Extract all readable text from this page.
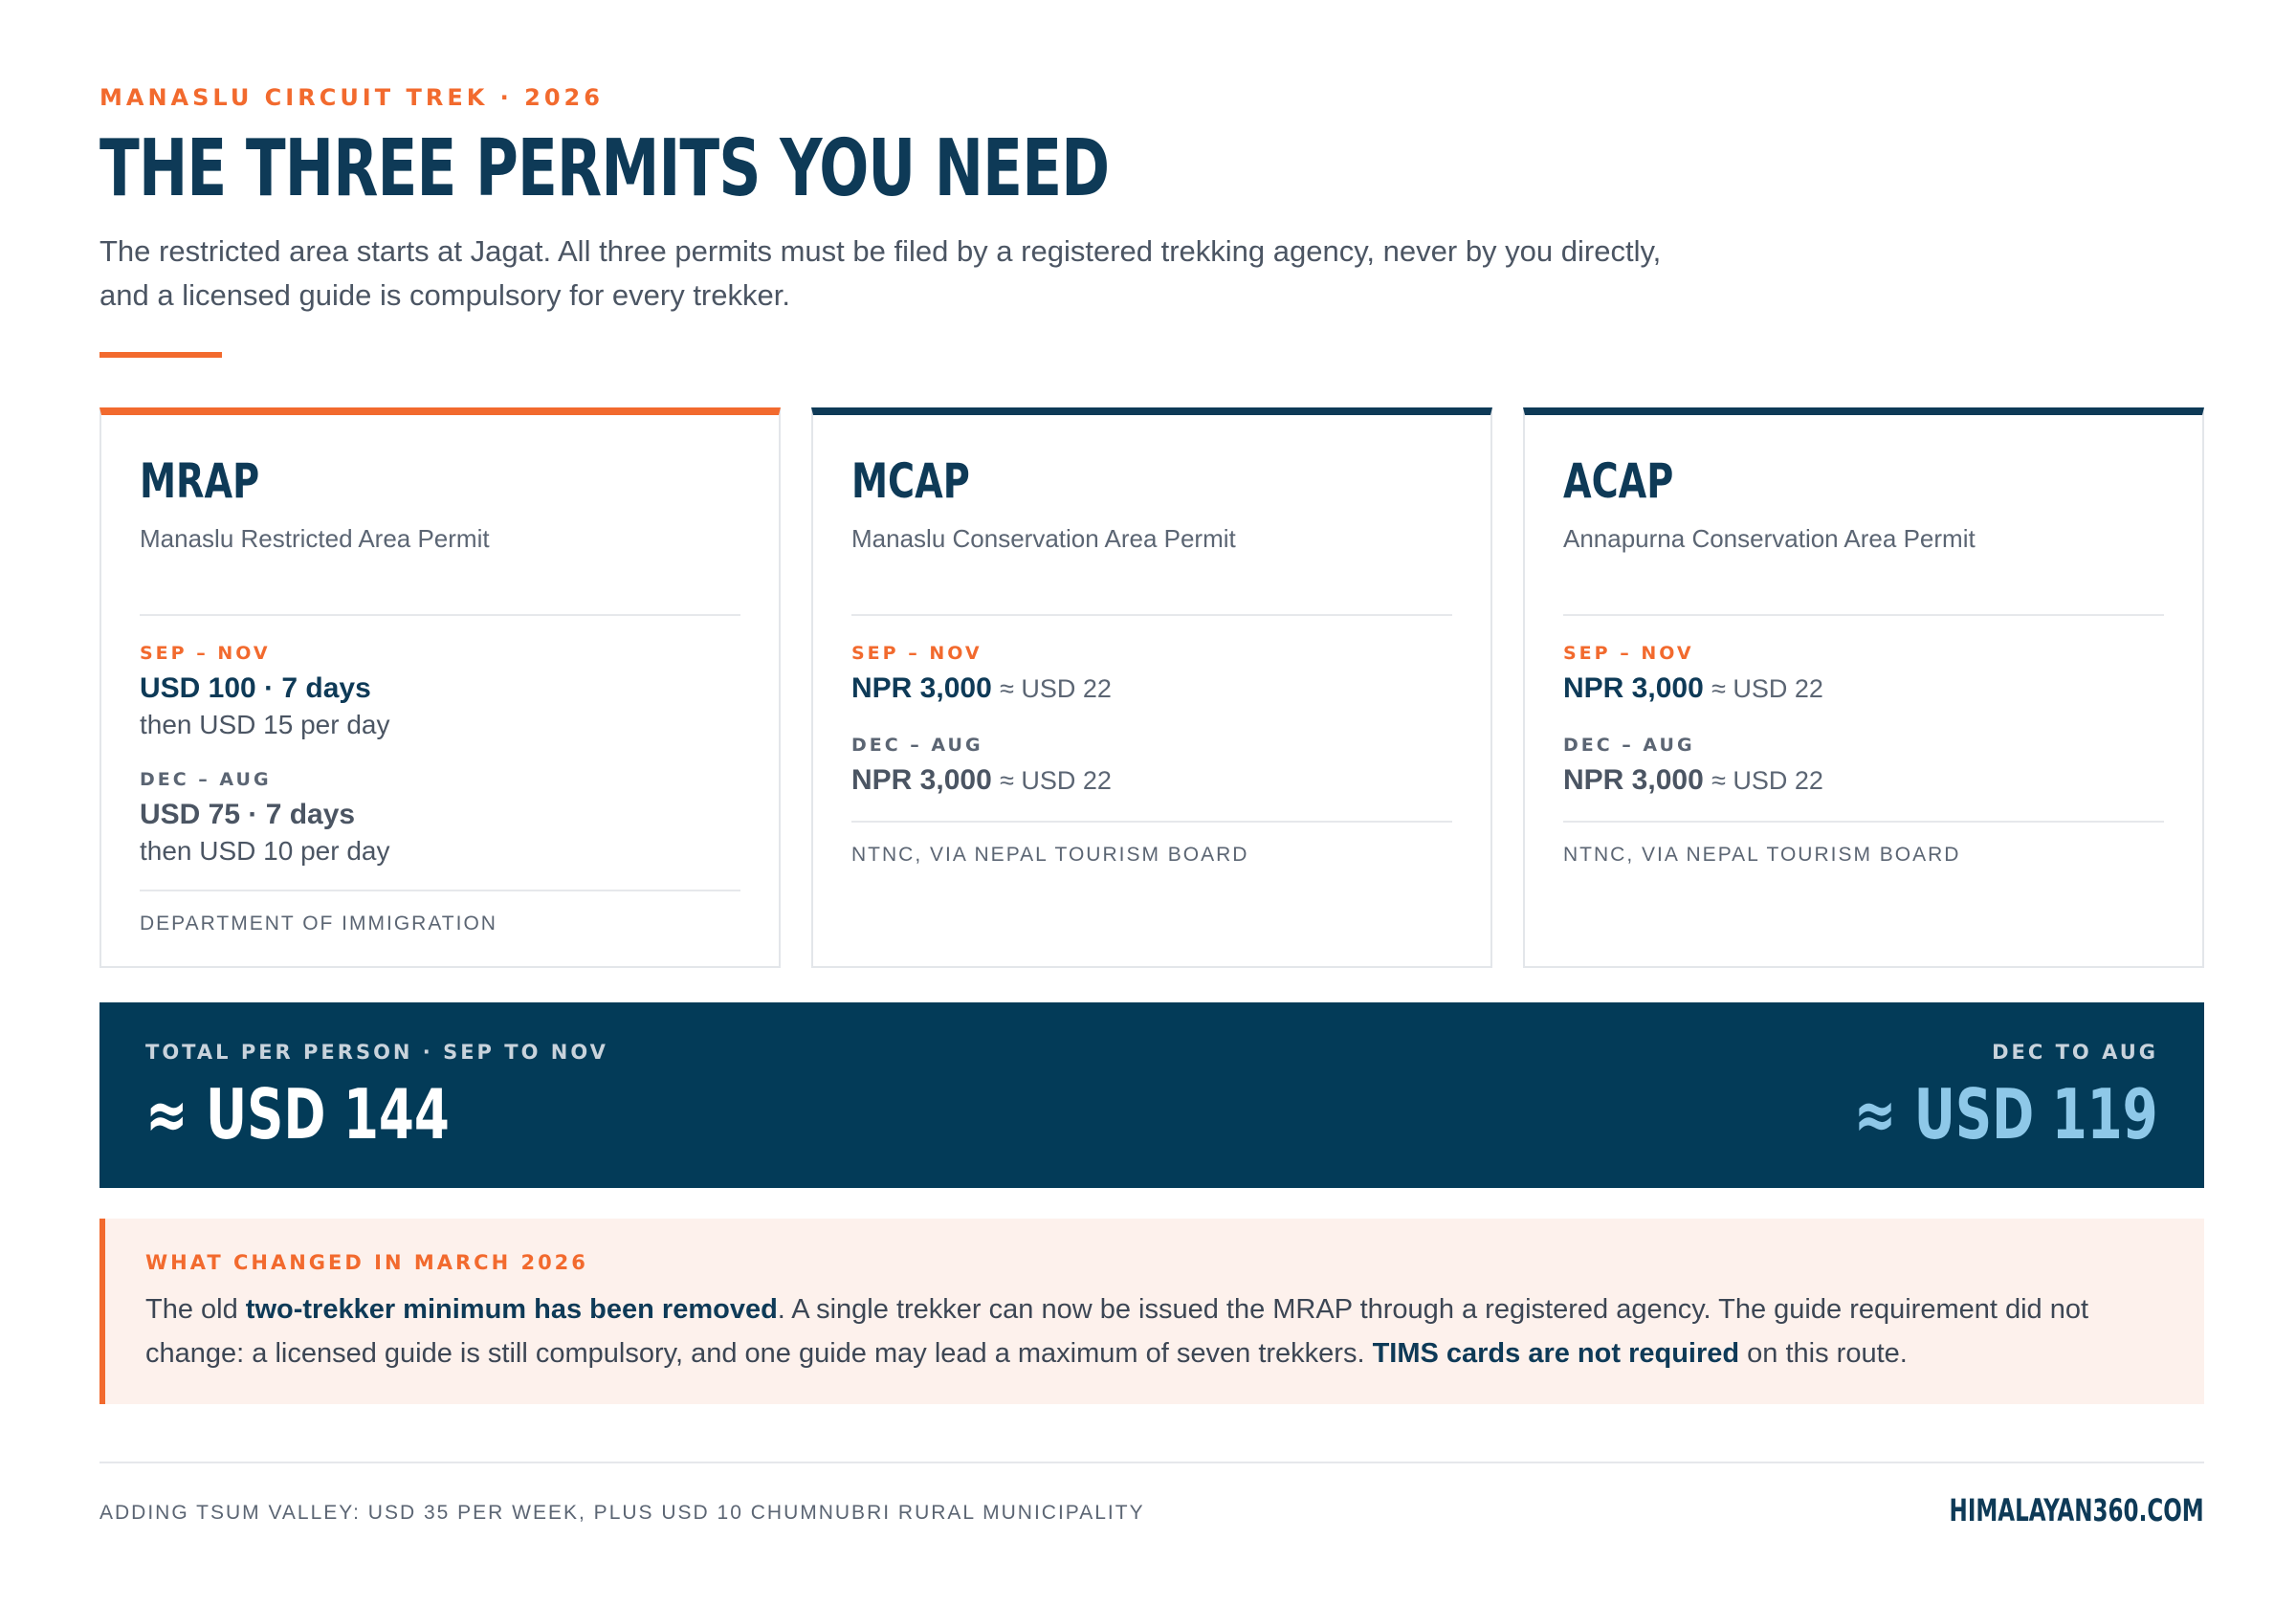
MANASLU CIRCUIT TREK · 2026
THE THREE PERMITS YOU NEED
The restricted area starts at Jagat. All three permits must be filed by a registered trekking agency, never by you directly, and a licensed guide is compulsory for every trekker.
MRAP
Manaslu Restricted Area Permit
SEP – NOV
USD 100 · 7 days
then USD 15 per day
DEC – AUG
USD 75 · 7 days
then USD 10 per day
DEPARTMENT OF IMMIGRATION
MCAP
Manaslu Conservation Area Permit
SEP – NOV
NPR 3,000 ≈ USD 22
DEC – AUG
NPR 3,000 ≈ USD 22
NTNC, VIA NEPAL TOURISM BOARD
ACAP
Annapurna Conservation Area Permit
SEP – NOV
NPR 3,000 ≈ USD 22
DEC – AUG
NPR 3,000 ≈ USD 22
NTNC, VIA NEPAL TOURISM BOARD
TOTAL PER PERSON · SEP TO NOV
≈ USD 144
DEC TO AUG
≈ USD 119
WHAT CHANGED IN MARCH 2026
The old two-trekker minimum has been removed. A single trekker can now be issued the MRAP through a registered agency. The guide requirement did not change: a licensed guide is still compulsory, and one guide may lead a maximum of seven trekkers. TIMS cards are not required on this route.
ADDING TSUM VALLEY: USD 35 PER WEEK, PLUS USD 10 CHUMNUBRI RURAL MUNICIPALITY	HIMALAYAN360.COM
